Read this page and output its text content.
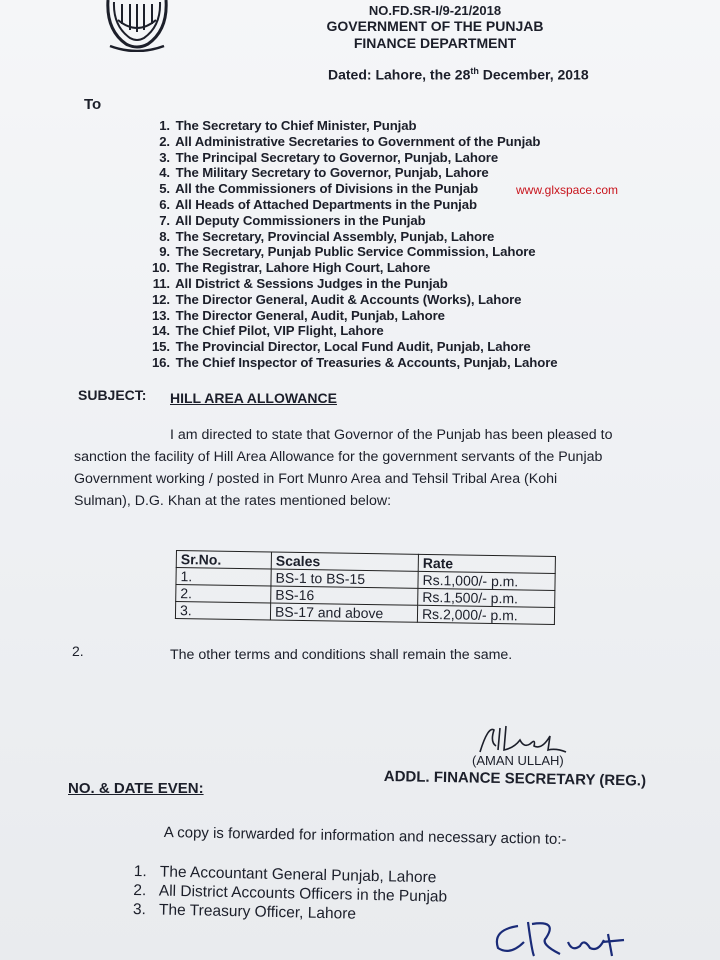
NO.FD.SR-I/9-21/2018
GOVERNMENT OF THE PUNJAB
FINANCE DEPARTMENT
Dated: Lahore, the 28th December, 2018
To
1. The Secretary to Chief Minister, Punjab
2. All Administrative Secretaries to Government of the Punjab
3. The Principal Secretary to Governor, Punjab, Lahore
4. The Military Secretary to Governor, Punjab, Lahore
5. All the Commissioners of Divisions in the Punjab
6. All Heads of Attached Departments in the Punjab
7. All Deputy Commissioners in the Punjab
8. The Secretary, Provincial Assembly, Punjab, Lahore
9. The Secretary, Punjab Public Service Commission, Lahore
10. The Registrar, Lahore High Court, Lahore
11. All District & Sessions Judges in the Punjab
12. The Director General, Audit & Accounts (Works), Lahore
13. The Director General, Audit, Punjab, Lahore
14. The Chief Pilot, VIP Flight, Lahore
15. The Provincial Director, Local Fund Audit, Punjab, Lahore
16. The Chief Inspector of Treasuries & Accounts, Punjab, Lahore
www.glxspace.com
SUBJECT: HILL AREA ALLOWANCE
I am directed to state that Governor of the Punjab has been pleased to
sanction the facility of Hill Area Allowance for the government servants of the Punjab
Government working / posted in Fort Munro Area and Tehsil Tribal Area (Kohi
Sulman), D.G. Khan at the rates mentioned below:
Sr.No.	Scales	Rate
1.	BS-1 to BS-15	Rs.1,000/- p.m.
2.	BS-16	Rs.1,500/- p.m.
3.	BS-17 and above	Rs.2,000/- p.m.
2.	The other terms and conditions shall remain the same.
(AMAN ULLAH)
ADDL. FINANCE SECRETARY (REG.)
NO. & DATE EVEN:
A copy is forwarded for information and necessary action to:-
1. The Accountant General Punjab, Lahore
2. All District Accounts Officers in the Punjab
3. The Treasury Officer, Lahore
